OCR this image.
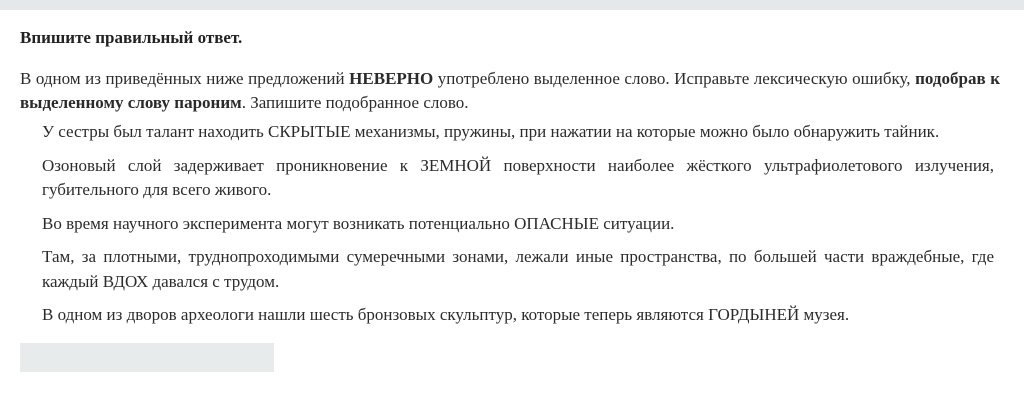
Впишите правильный ответ.

В одном из приведённых ниже предложений НЕВЕРНО употреблено выделенное слово. Исправьте лексическую ошибку, подобрав к выделенному слову пароним. Запишите подобранное слово.

У сестры был талант находить СКРЫТЫЕ механизмы, пружины, при нажатии на которые можно было обнаружить тайник.

Озоновый слой задерживает проникновение к ЗЕМНОЙ поверхности наиболее жёсткого ультрафиолетового излучения, губительного для всего живого.

Во время научного эксперимента могут возникать потенциально ОПАСНЫЕ ситуации.

Там, за плотными, труднопроходимыми сумеречными зонами, лежали иные пространства, по большей части враждебные, где каждый ВДОХ давался с трудом.

В одном из дворов археологи нашли шесть бронзовых скульптур, которые теперь являются ГОРДЫНЕЙ музея.
